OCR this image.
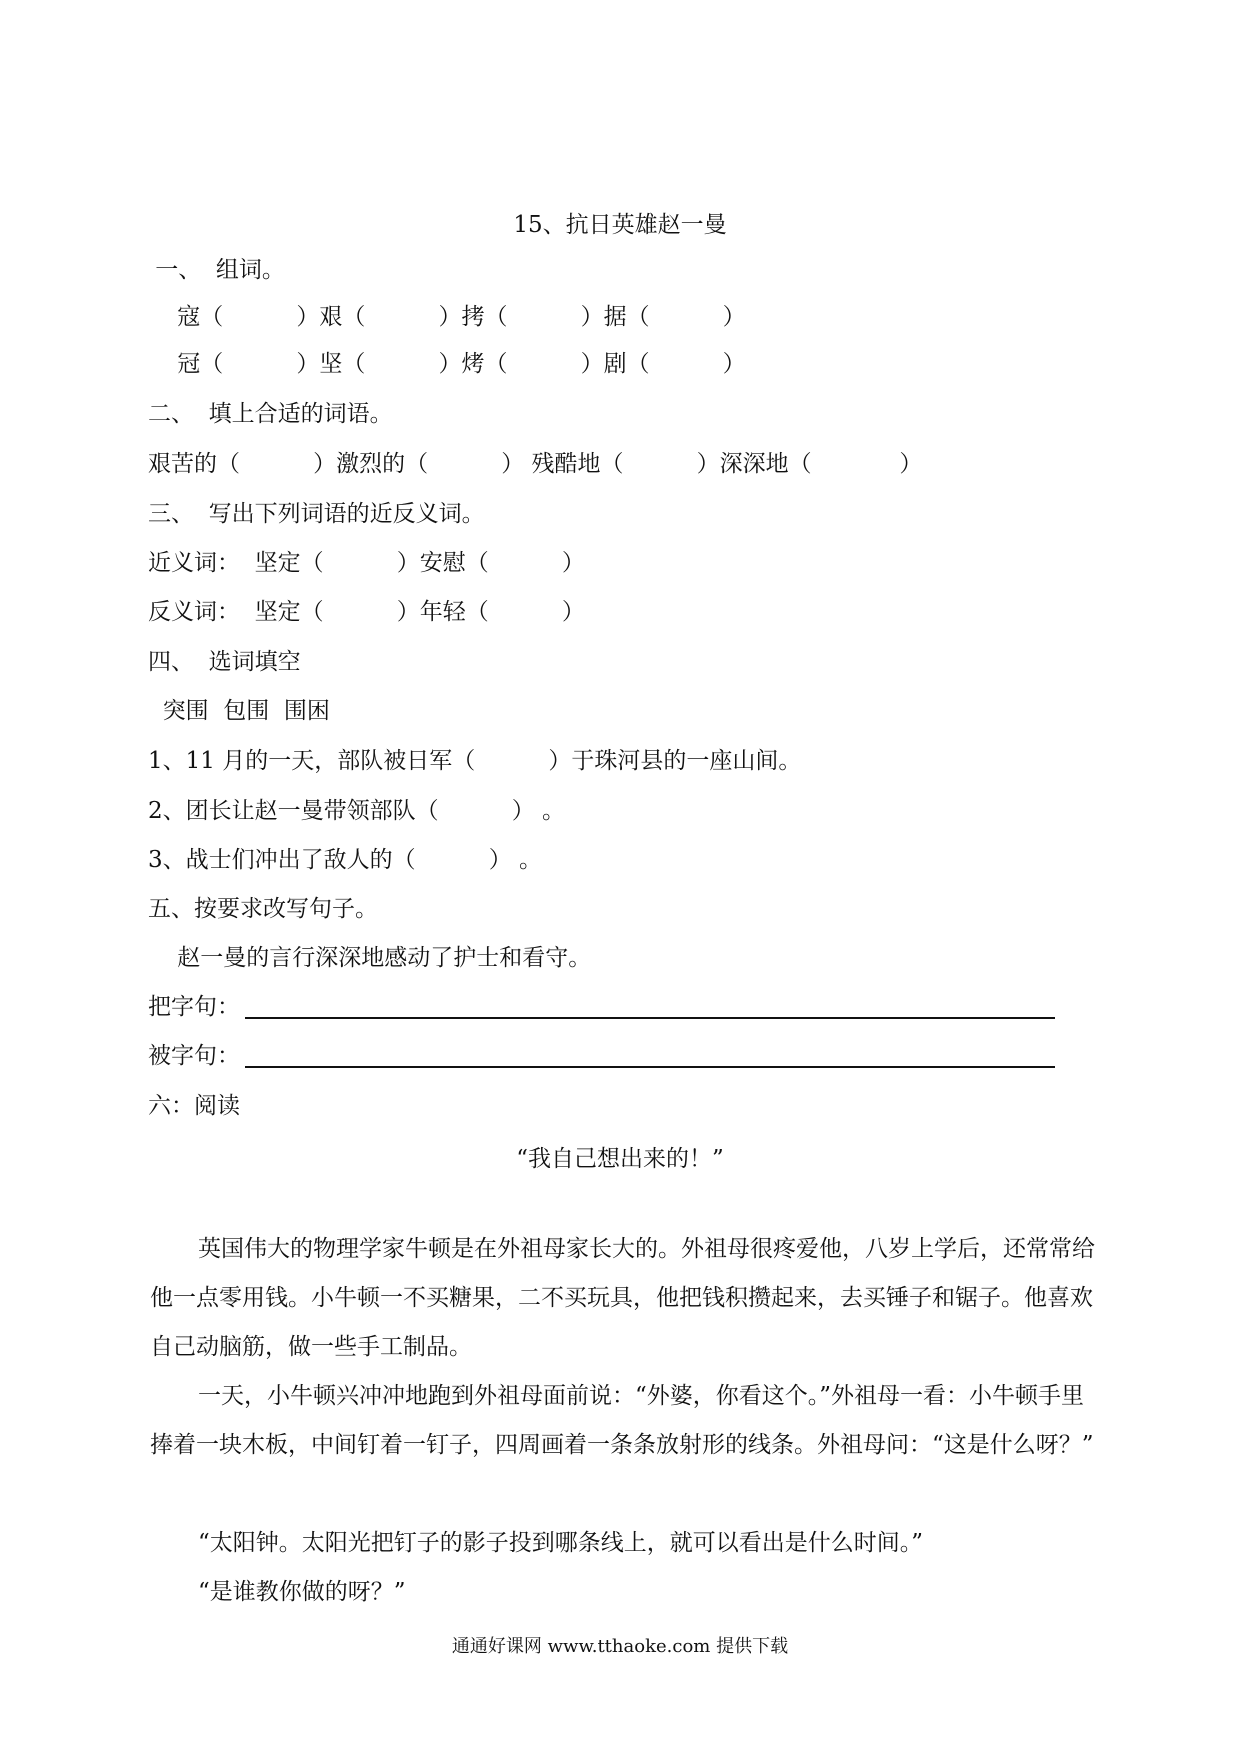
15、抗日英雄赵一曼
一、  组词。
寇（          ）艰（          ）拷（          ）据（          ）
冠（          ）坚（          ）烤（          ）剧（          ）
二、  填上合适的词语。
艰苦的（          ）激烈的（          ） 残酷地（          ）深深地（            ）
三、  写出下列词语的近反义词。
近义词：  坚定（          ）安慰（          ）
反义词：  坚定（          ）年轻（          ）
四、  选词填空
突围  包围  围困
1、11 月的一天，部队被日军（          ）于珠河县的一座山间。
2、团长让赵一曼带领部队（          ） 。
3、战士们冲出了敌人的（          ） 。
五、按要求改写句子。
赵一曼的言行深深地感动了护士和看守。
把字句：
被字句：
六：阅读
“我自己想出来的！”
英国伟大的物理学家牛顿是在外祖母家长大的。外祖母很疼爱他，八岁上学后，还常常给他一点零用钱。小牛顿一不买糖果，二不买玩具，他把钱积攒起来，去买锤子和锯子。他喜欢自己动脑筋，做一些手工制品。
一天，小牛顿兴冲冲地跑到外祖母面前说：“外婆，你看这个。”外祖母一看：小牛顿手里捧着一块木板，中间钉着一钉子，四周画着一条条放射形的线条。外祖母问：“这是什么呀？”
“太阳钟。太阳光把钉子的影子投到哪条线上，就可以看出是什么时间。”
“是谁教你做的呀？”
通通好课网 www.tthaoke.com 提供下载
